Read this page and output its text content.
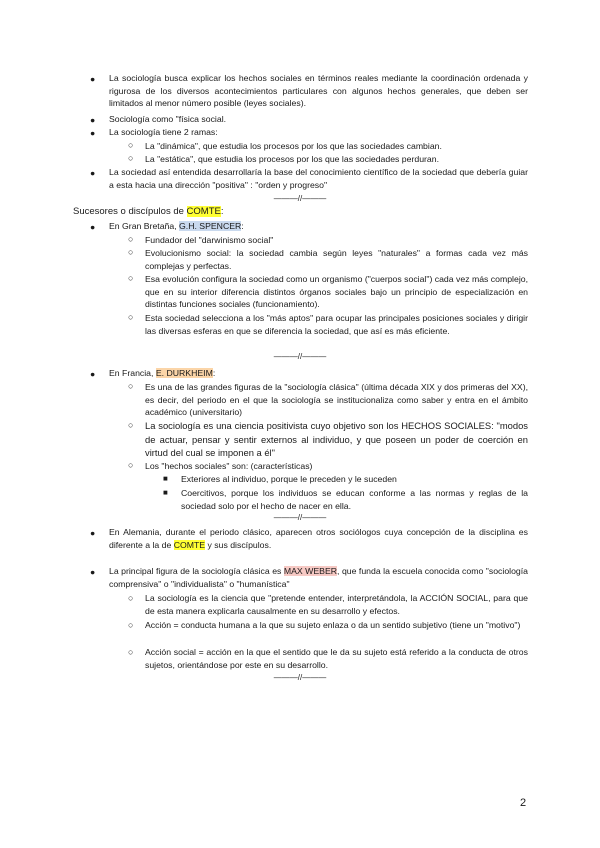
● La sociología busca explicar los hechos sociales en términos reales mediante la coordinación ordenada y rigurosa de los diversos acontecimientos particulares con algunos hechos generales, que deben ser limitados al menor número posible (leyes sociales).
● Sociología como "física social.
● La sociología tiene 2 ramas:
○ La "dinámica", que estudia los procesos por los que las sociedades cambian.
○ La "estática", que estudia los procesos por los que las sociedades perduran.
● La sociedad así entendida desarrollaría la base del conocimiento científico de la sociedad que debería guiar a esta hacia una dirección "positiva" : "orden y progreso"
———//———
Sucesores o discípulos de COMTE:
● En Gran Bretaña, G.H. SPENCER:
○ Fundador del "darwinismo social"
○ Evolucionismo social: la sociedad cambia según leyes "naturales" a formas cada vez más complejas y perfectas.
○ Esa evolución configura la sociedad como un organismo ("cuerpos social") cada vez más complejo, que en su interior diferencia distintos órganos sociales bajo un principio de especialización en distintas funciones sociales (funcionamiento).
○ Esta sociedad selecciona a los "más aptos" para ocupar las principales posiciones sociales y dirigir las diversas esferas en que se diferencia la sociedad, que así es más eficiente.
———//———
● En Francia, E. DURKHEIM:
○ Es una de las grandes figuras de la "sociología clásica" (última década XIX y dos primeras del XX), es decir, del periodo en el que la sociología se institucionaliza como saber y entra en el ámbito académico (universitario)
○ La sociología es una ciencia positivista cuyo objetivo son los HECHOS SOCIALES: "modos de actuar, pensar y sentir externos al individuo, y que poseen un poder de coerción en virtud del cual se imponen a él"
○ Los "hechos sociales" son: (características)
■ Exteriores al individuo, porque le preceden y le suceden
■ Coercitivos, porque los individuos se educan conforme a las normas y reglas de la sociedad solo por el hecho de nacer en ella.
———//———
● En Alemania, durante el periodo clásico, aparecen otros sociólogos cuya concepción de la disciplina es diferente a la de COMTE y sus discípulos.
● La principal figura de la sociología clásica es MAX WEBER, que funda la escuela conocida como "sociología comprensiva" o "individualista" o "humanística"
○ La sociología es la ciencia que "pretende entender, interpretándola, la ACCIÓN SOCIAL, para que de esta manera explicarla causalmente en su desarrollo y efectos.
○ Acción = conducta humana a la que su sujeto enlaza o da un sentido subjetivo (tiene un "motivo")
○ Acción social = acción en la que el sentido que le da su sujeto está referido a la conducta de otros sujetos, orientándose por este en su desarrollo.
———//———
2
